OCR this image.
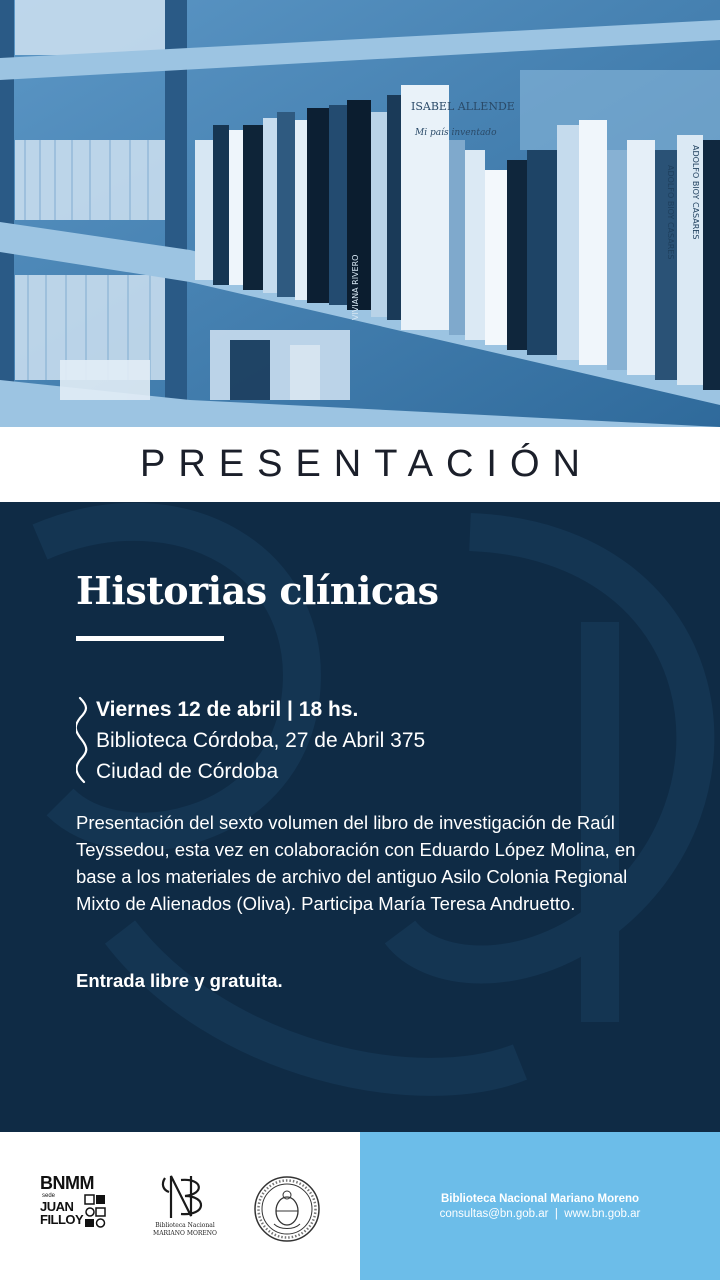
ISABEL ALLENDE
Mi país inventado
VIVIANA RIVERO
ADOLFO BIOY CASARES ADOLFO BIOY CASARES
PRESENTACIÓN
Historias clínicas
Viernes 12 de abril | 18 hs.
Biblioteca Córdoba, 27 de Abril 375
Ciudad de Córdoba
Presentación del sexto volumen del libro de investigación de Raúl Teyssedou, esta vez en colaboración con Eduardo López Molina, en base a los materiales de archivo del antiguo Asilo Colonia Regional Mixto de Alienados (Oliva). Participa María Teresa Andruetto.
Entrada libre y gratuita.
BNMM
sede
JUAN
FILLOY	Biblioteca Nacional
MARIANO MORENO
Biblioteca Nacional Mariano Moreno
consultas@bn.gob.ar  |  www.bn.gob.ar
